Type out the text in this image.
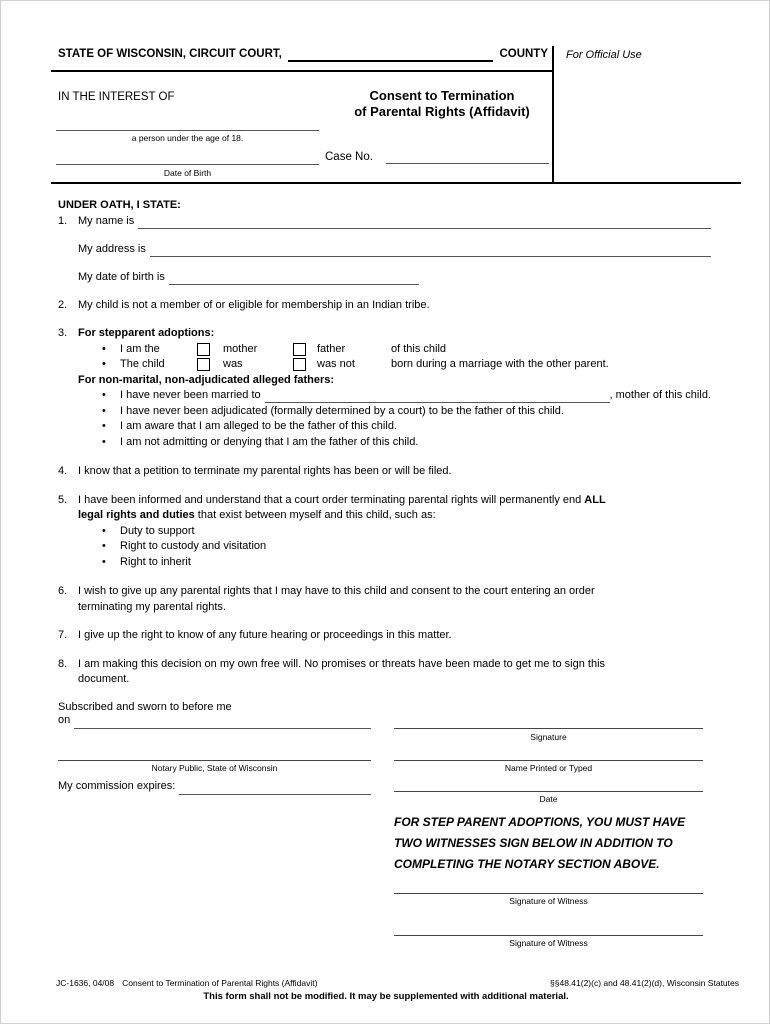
STATE OF WISCONSIN, CIRCUIT COURT,	COUNTY For Official Use
IN THE INTEREST OF	Consent to Termination
of Parental Rights (Affidavit)
a person under the age of 18.
Date of Birth
Case No.
UNDER OATH, I STATE:
1. My name is
My address is
My date of birth is
2. My child is not a member of or eligible for membership in an Indian tribe.
3. For stepparent adoptions:
•
I am the	mother	father	of this child
•
The child	was	was not	born during a marriage with the other parent.
For non-marital, non-adjudicated alleged fathers:
•
I have never been married to	, mother of this child.
•
I have never been adjudicated (formally determined by a court) to be the father of this child.
•
I am aware that I am alleged to be the father of this child.
•
I am not admitting or denying that I am the father of this child.
4. I know that a petition to terminate my parental rights has been or will be filed.
5. I have been informed and understand that a court order terminating parental rights will permanently end ALL
legal rights and duties that exist between myself and this child, such as:
•
Duty to support
•
Right to custody and visitation
•
Right to inherit
6. I wish to give up any parental rights that I may have to this child and consent to the court entering an order
terminating my parental rights.
7. I give up the right to know of any future hearing or proceedings in this matter.
8. I am making this decision on my own free will. No promises or threats have been made to get me to sign this
document.
Subscribed and sworn to before me
on
Notary Public, State of Wisconsin
My commission expires:
Signature
Name Printed or Typed
Date
FOR STEP PARENT ADOPTIONS, YOU MUST HAVE
TWO WITNESSES SIGN BELOW IN ADDITION TO
COMPLETING THE NOTARY SECTION ABOVE.
Signature of Witness
Signature of Witness
JC-1636, 04/08 Consent to Termination of Parental Rights (Affidavit)	§§48.41(2)(c) and 48.41(2)(d), Wisconsin Statutes
This form shall not be modified. It may be supplemented with additional material.
